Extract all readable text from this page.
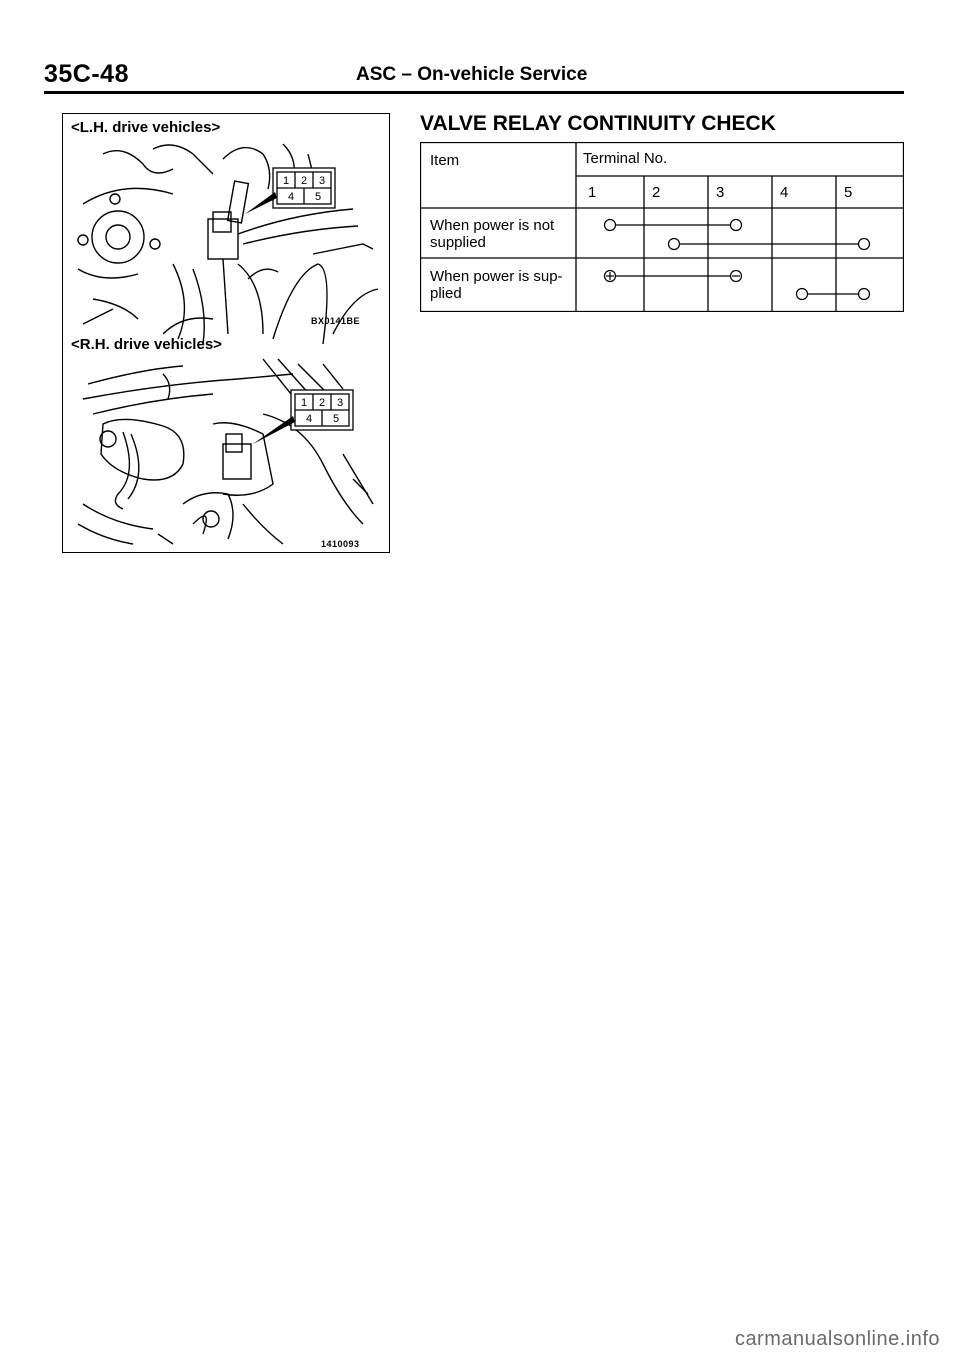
35C-48	ASC – On-vehicle Service
<L.H. drive vehicles>
1 2 3
4 5
BX0141BE
<R.H. drive vehicles>
1 2 3
4 5
1410093
VALVE RELAY CONTINUITY CHECK
Item	Terminal No.
1	2	3	4	5
When power is not
supplied
When power is sup-
plied
carmanualsonline.info
